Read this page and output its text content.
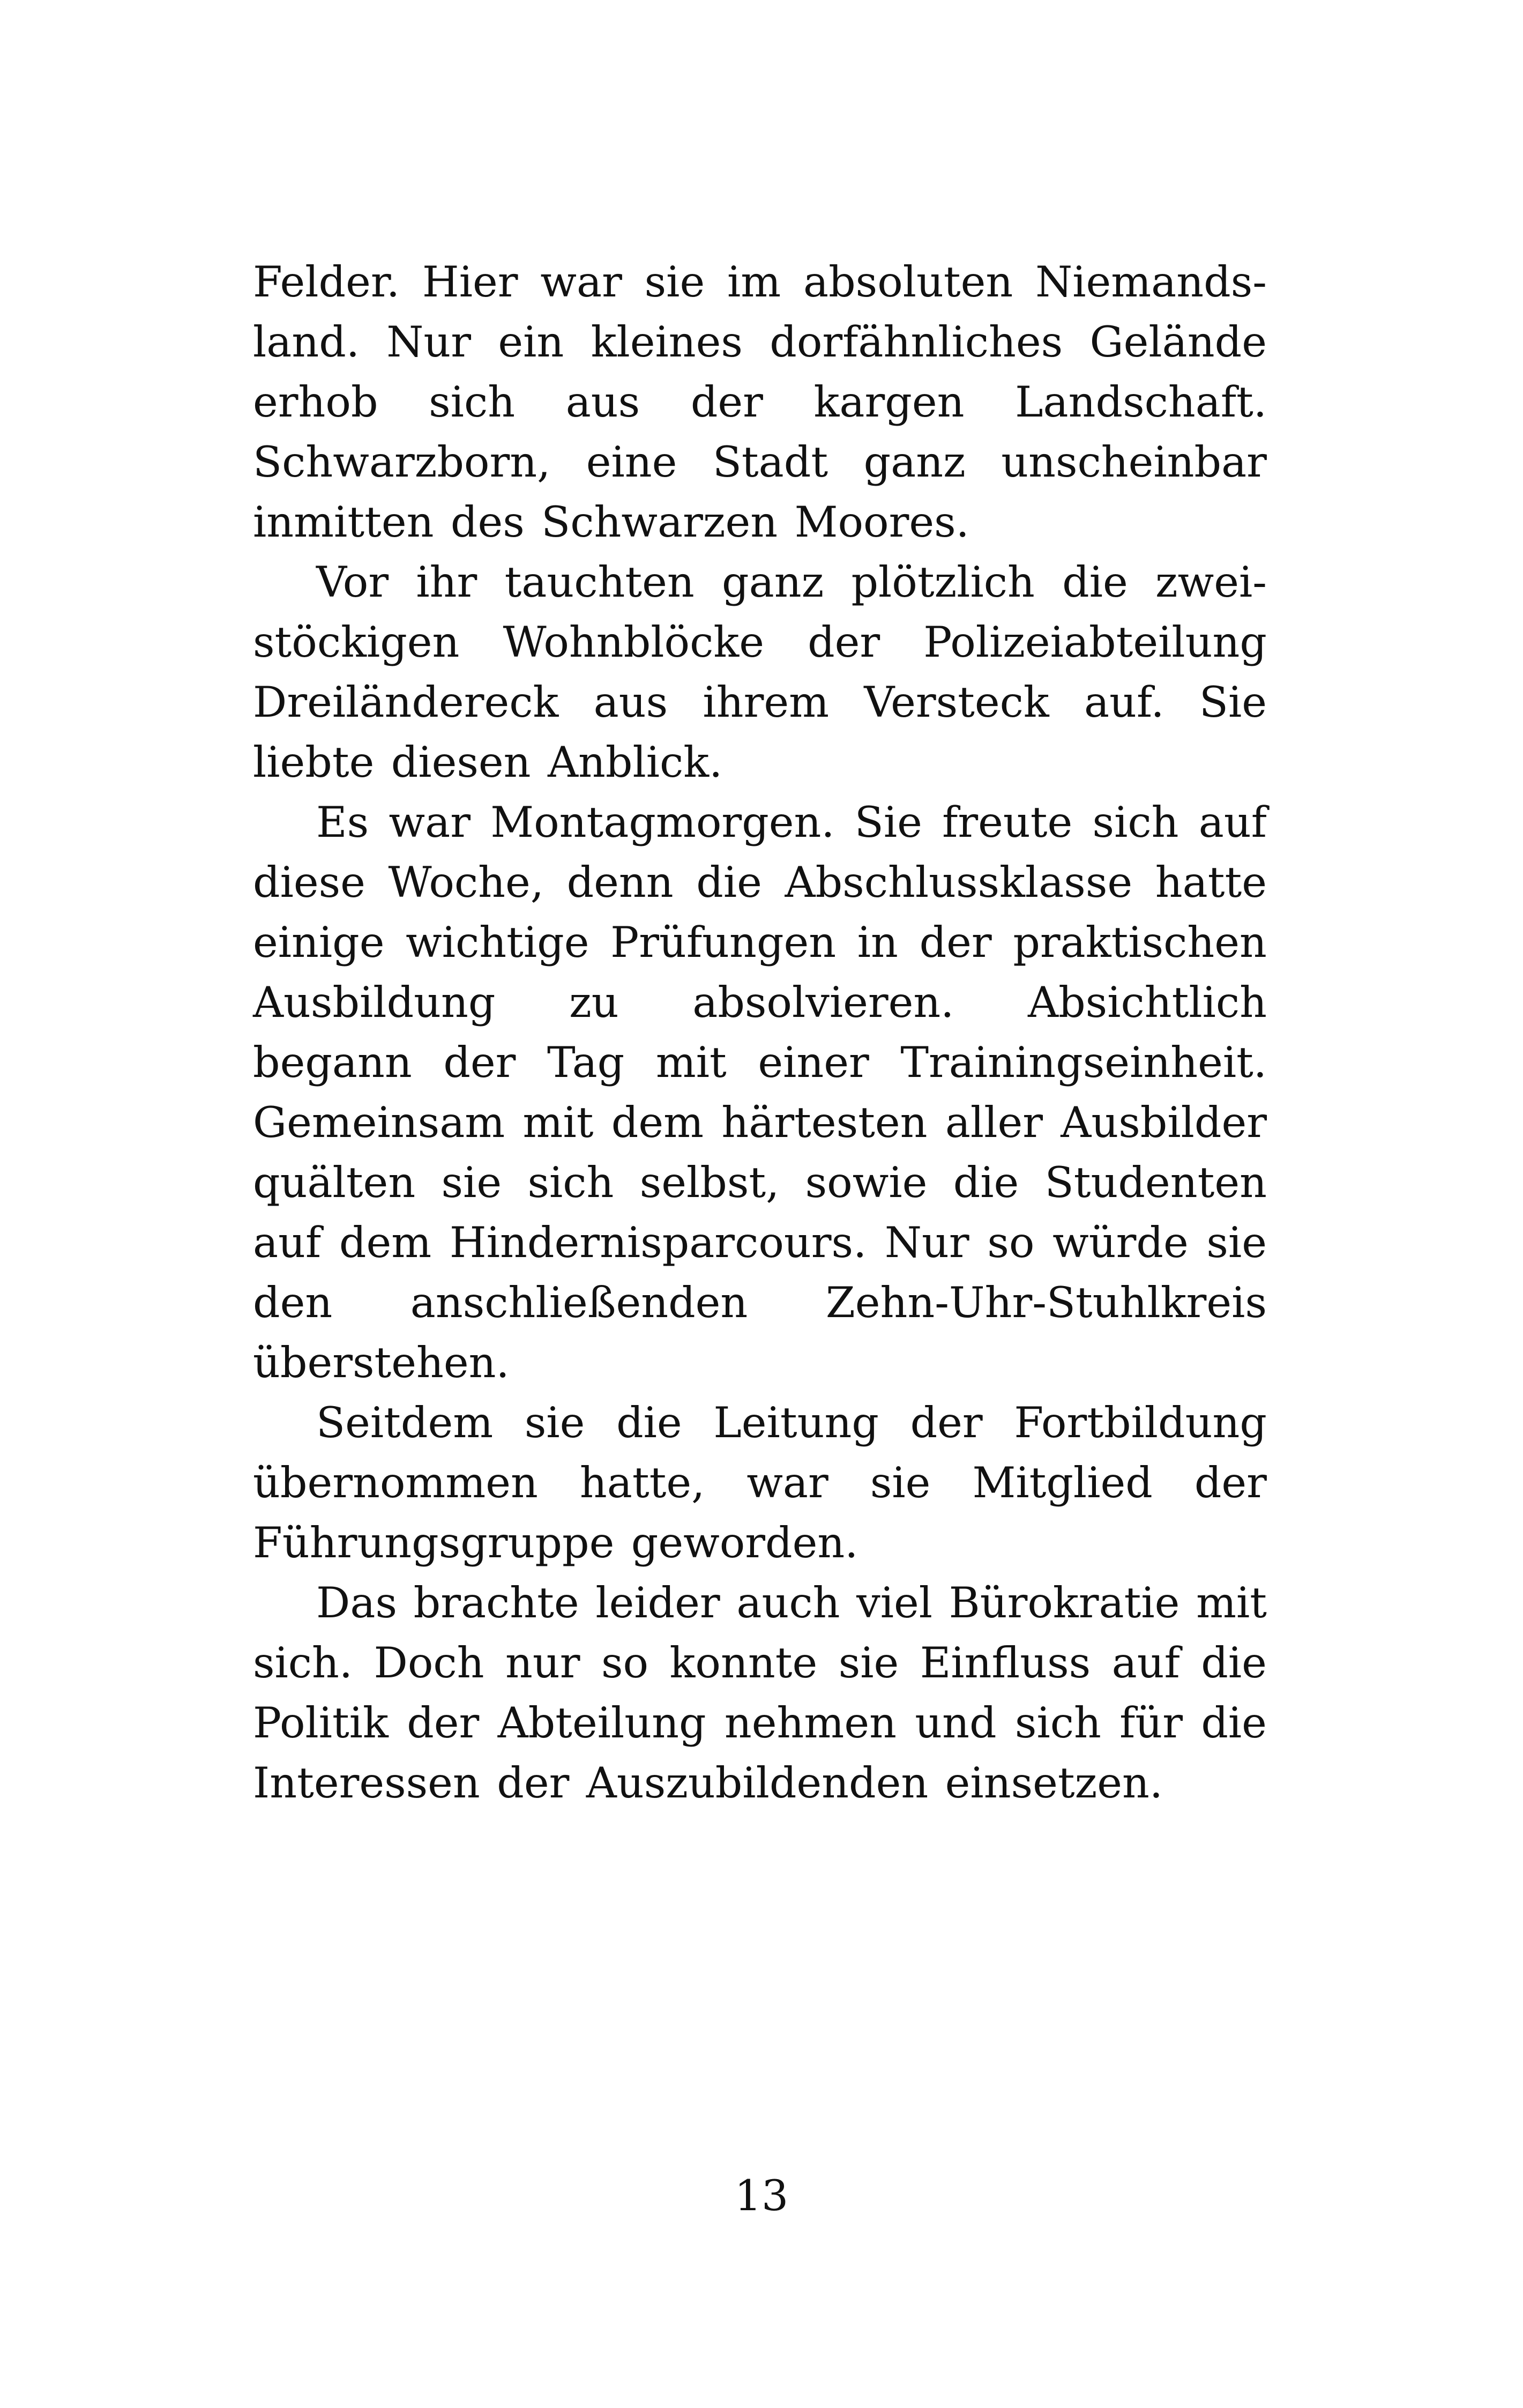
Felder. Hier war sie im absoluten Niemands-
land. Nur ein kleines dorfähnliches Gelände
erhob sich aus der kargen Landschaft.
Schwarzborn, eine Stadt ganz unscheinbar
inmitten des Schwarzen Moores.
Vor ihr tauchten ganz plötzlich die zwei-
stöckigen Wohnblöcke der Polizeiabteilung
Dreiländereck aus ihrem Versteck auf. Sie
liebte diesen Anblick.
Es war Montagmorgen. Sie freute sich auf
diese Woche, denn die Abschlussklasse hatte
einige wichtige Prüfungen in der praktischen
Ausbildung zu absolvieren. Absichtlich
begann der Tag mit einer Trainingseinheit.
Gemeinsam mit dem härtesten aller Ausbilder
quälten sie sich selbst, sowie die Studenten
auf dem Hindernisparcours. Nur so würde sie
den anschließenden Zehn-Uhr-Stuhlkreis
überstehen.
Seitdem sie die Leitung der Fortbildung
übernommen hatte, war sie Mitglied der
Führungsgruppe geworden.
Das brachte leider auch viel Bürokratie mit
sich. Doch nur so konnte sie Einfluss auf die
Politik der Abteilung nehmen und sich für die
Interessen der Auszubildenden einsetzen.
13
